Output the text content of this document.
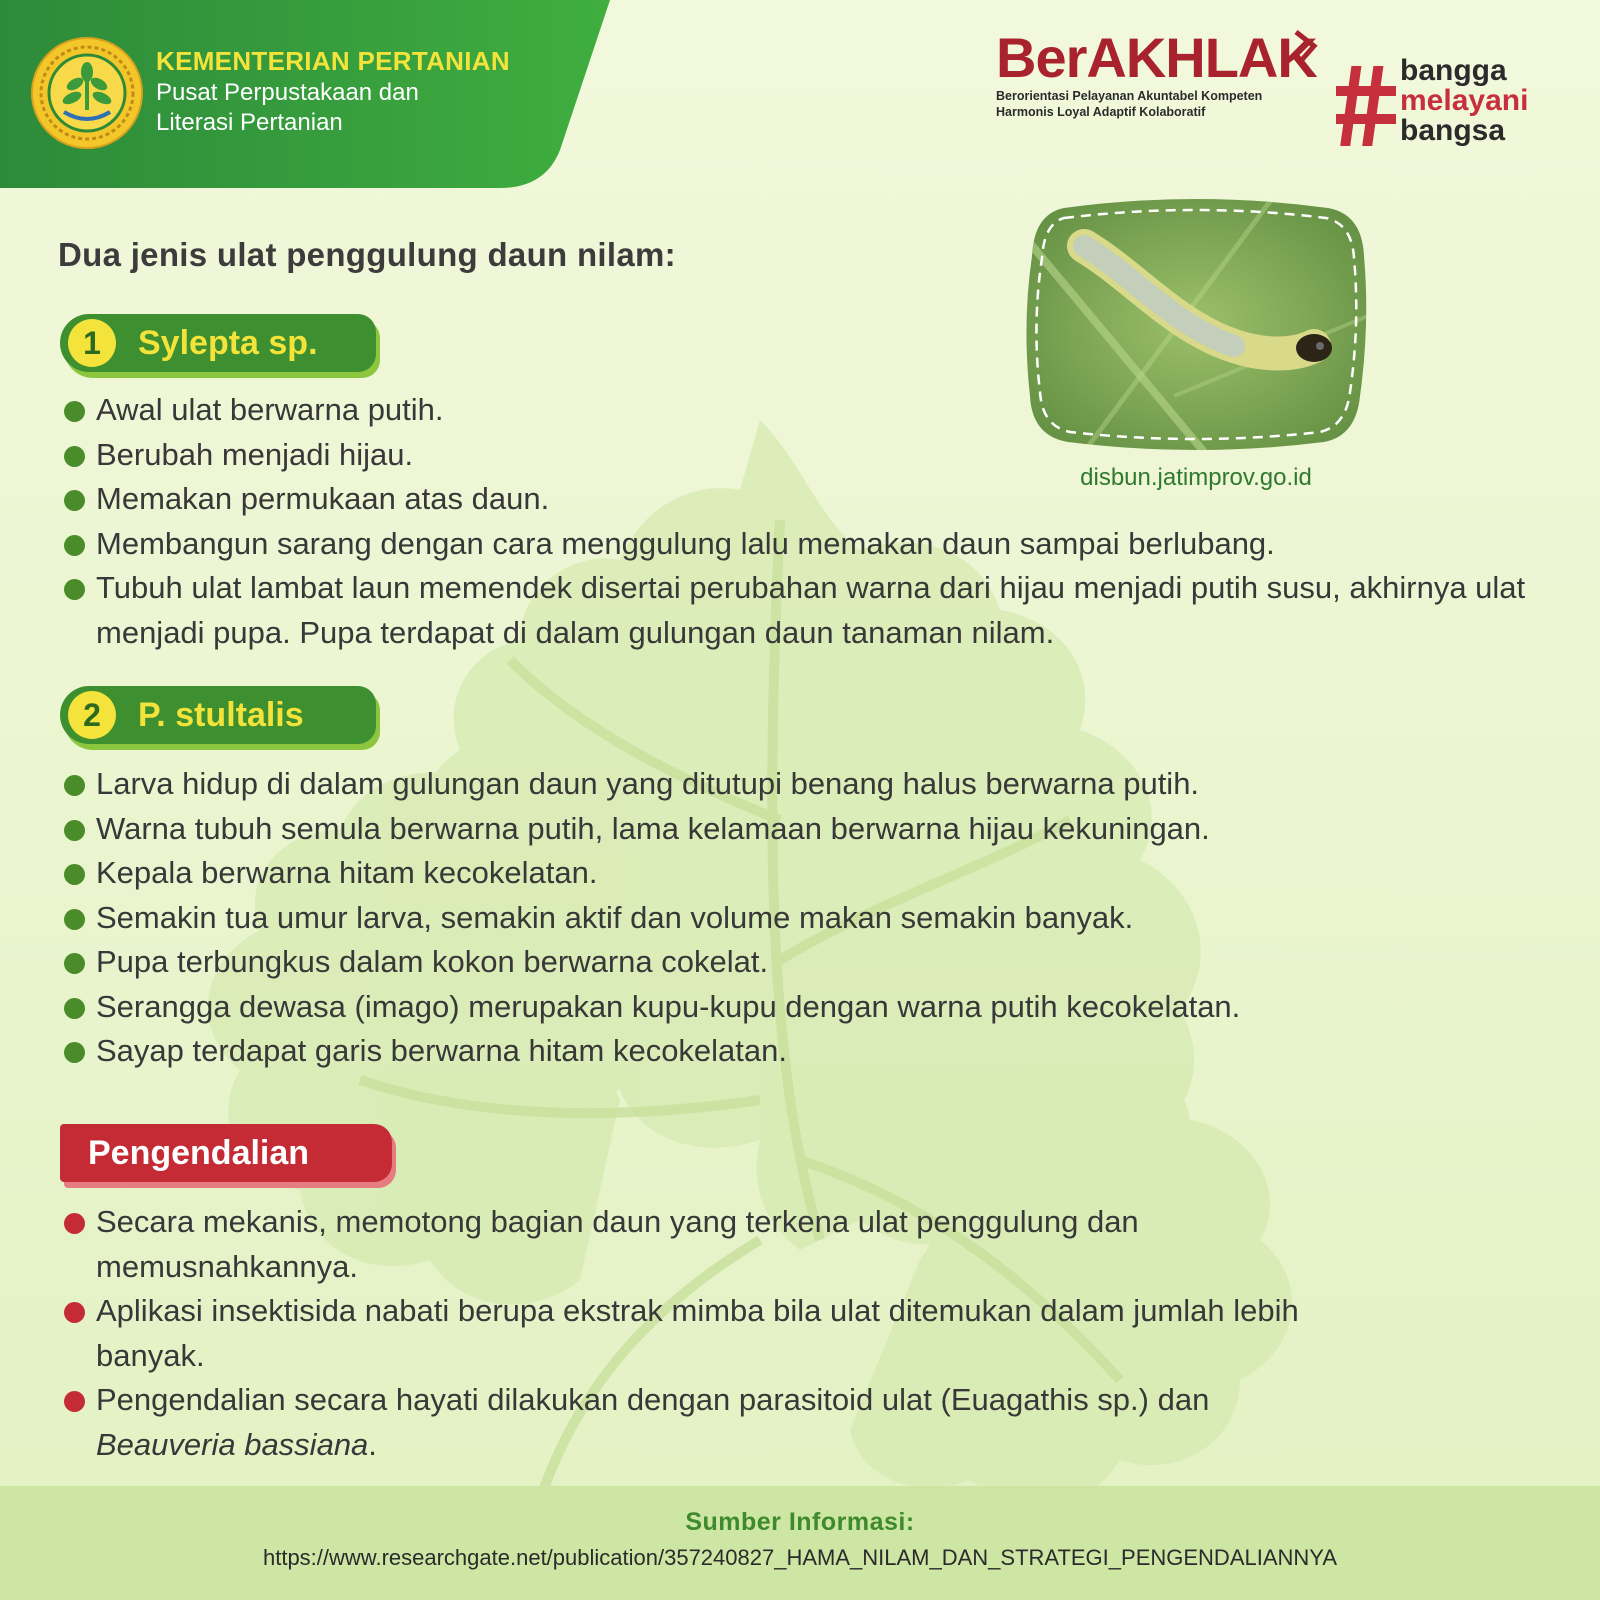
KEMENTERIAN PERTANIAN
Pusat Perpustakaan dan
Literasi Pertanian
BerAKHLAK
Berorientasi Pelayanan Akuntabel Kompeten
Harmonis Loyal Adaptif Kolaboratif
bangga
melayani
bangsa
disbun.jatimprov.go.id
Dua jenis ulat penggulung daun nilam:
1	Sylepta sp.
Awal ulat berwarna putih.
Berubah menjadi hijau.
Memakan permukaan atas daun.
Membangun sarang dengan cara menggulung lalu memakan daun sampai berlubang.
Tubuh ulat lambat laun memendek disertai perubahan warna dari hijau menjadi putih susu, akhirnya ulat menjadi pupa. Pupa terdapat di dalam gulungan daun tanaman nilam.
2	P. stultalis
Larva hidup di dalam gulungan daun yang ditutupi benang halus berwarna putih.
Warna tubuh semula berwarna putih, lama kelamaan berwarna hijau kekuningan.
Kepala berwarna hitam kecokelatan.
Semakin tua umur larva, semakin aktif dan volume makan semakin banyak.
Pupa terbungkus dalam kokon berwarna cokelat.
Serangga dewasa (imago) merupakan kupu-kupu dengan warna putih kecokelatan.
Sayap terdapat garis berwarna hitam kecokelatan.
Pengendalian
Secara mekanis, memotong bagian daun yang terkena ulat penggulung dan memusnahkannya.
Aplikasi insektisida nabati berupa ekstrak mimba bila ulat ditemukan dalam jumlah lebih banyak.
Pengendalian secara hayati dilakukan dengan parasitoid ulat (Euagathis sp.) dan Beauveria bassiana.
Sumber Informasi:
https://www.researchgate.net/publication/357240827_HAMA_NILAM_DAN_STRATEGI_PENGENDALIANNYA
